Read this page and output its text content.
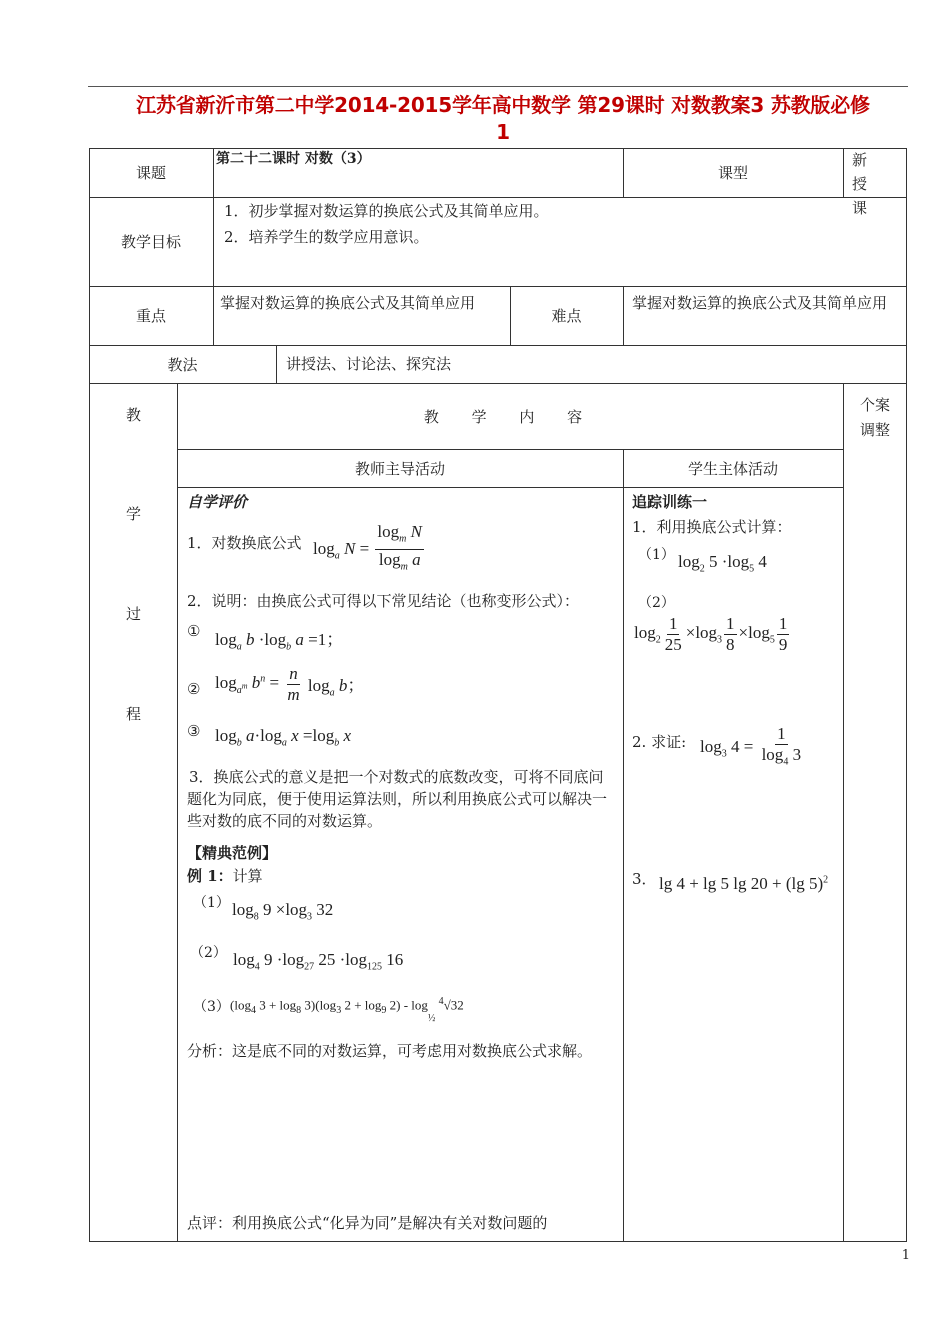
江苏省新沂市第二中学2014-2015学年高中数学 第29课时 对数教案3 苏教版必修
1
课题
第二十二课时 对数（3）
课型
新授课
教学目标
1．初步掌握对数运算的换底公式及其简单应用。
2．培养学生的数学应用意识。
重点
掌握对数运算的换底公式及其简单应用
难点
掌握对数运算的换底公式及其简单应用
教法	讲授法、讨论法、探究法
教
学
过
程
教 学 内 容
个案调整
教师主导活动	学生主体活动
自学评价
1．对数换底公式 $\log_a N = \frac{\log_m N}{\log_m a}$
2．说明：由换底公式可得以下常见结论（也称变形公式）：
① $\log_a b \cdot\log_b$ a =1；
② $\log_{a^m} b^n = \frac{n}{m} \log_a b$；
③ $\log_b a\cdot\log_a$ $x =\log_b$ x
3．换底公式的意义是把一个对数式的底数改变，可将不同底问题化为同底，便于使用运算法则，所以利用换底公式可以解决一些对数的底不同的对数运算。
【精典范例】
例 1：计算
（1） $\log_8 9 \times\log_3$ 32
（2） $\log_4 9 \cdot\log_{27}$ $25 \cdot\log_{125}$ 16
（3） ($\log_4$ $3 + \log_8 3)(\log_3$ $2 + \log_9 2) - \log_{\frac{1}{2}} ^4√32$
分析：这是底不同的对数运算，可考虑用对数换底公式求解。
点评：利用换底公式“化异为同”是解决有关对数问题的
追踪训练一
1．利用换底公式计算：
（1） $\log_2 5 \cdot\log_5$ 4
（2）
$\log_2 \frac{1}{25} \times\log_3 \frac{1}{8} \times\log_5 \frac{1}{9}$
2. 求证: $\log_3 4 = \frac{1}{\log_4 3}$
3． lg 4 + lg 5 lg 20 + (lg 5)$^2$
1
